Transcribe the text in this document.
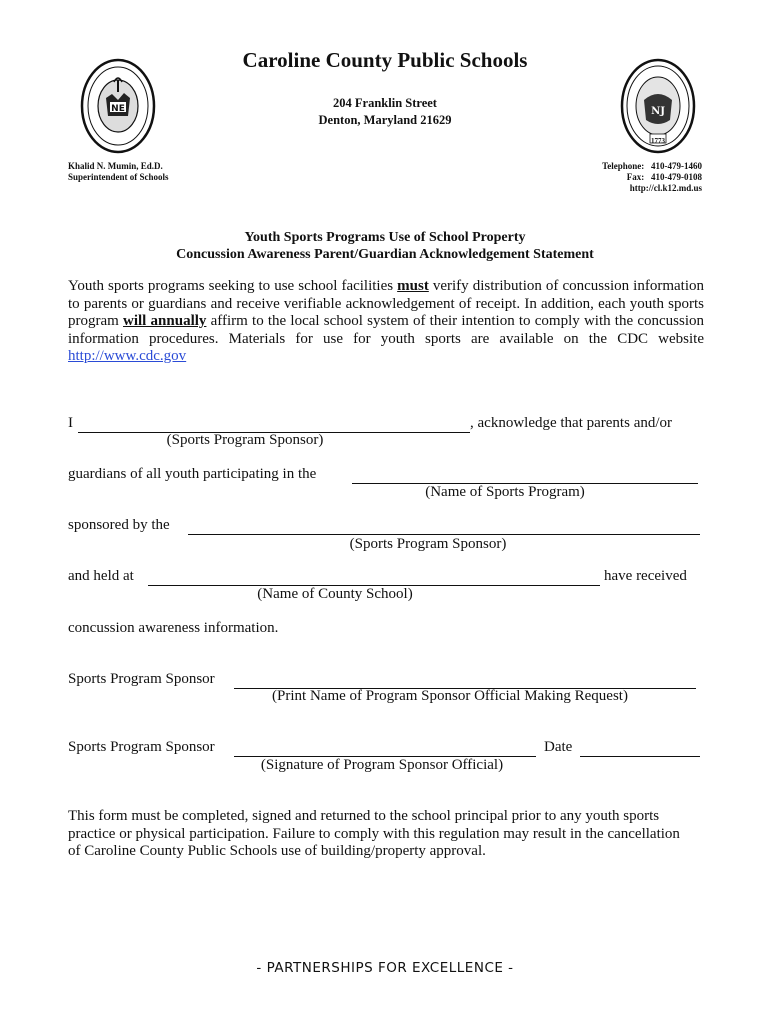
NE	NJ
1773
Caroline County Public Schools
204 Franklin Street
Denton, Maryland 21629
Khalid N. Mumin, Ed.D.
Superintendent of Schools
Telephone:   410-479-1460
Fax:   410-479-0108
http://cl.k12.md.us
Youth Sports Programs Use of School Property
Concussion Awareness Parent/Guardian Acknowledgement Statement
Youth sports programs seeking to use school facilities must verify distribution of concussion information to parents or guardians and receive verifiable acknowledgement of receipt. In addition, each youth sports program will annually affirm to the local school system of their intention to comply with the concussion information procedures. Materials for use for youth sports are available on the CDC website  http://www.cdc.gov
I	, acknowledge that parents and/or
(Sports Program Sponsor)
guardians of all youth participating in the
(Name of Sports Program)
sponsored by the
(Sports Program Sponsor)
and held at	have received
(Name of County School)
concussion awareness information.
Sports Program Sponsor
(Print Name of Program Sponsor Official Making Request)
Sports Program Sponsor	Date
(Signature of Program Sponsor Official)
This form must be completed, signed and returned to the school principal prior to any youth sports practice or physical participation. Failure to comply with this regulation may result in the cancellation of Caroline County Public Schools use of building/property approval.
- PARTNERSHIPS FOR EXCELLENCE -
